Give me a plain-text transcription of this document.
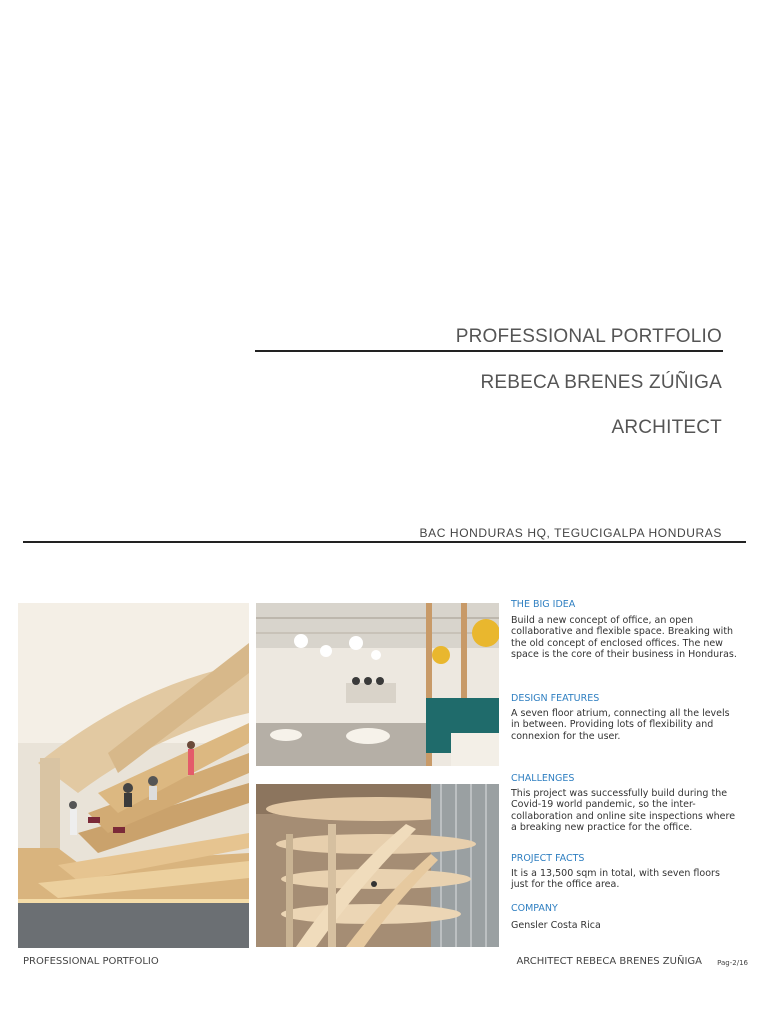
PROFESSIONAL PORTFOLIO
REBECA BRENES ZÚÑIGA
ARCHITECT
BAC HONDURAS HQ, TEGUCIGALPA HONDURAS
THE BIG IDEA
Build a new concept of office, an open collaborative and flexible space. Breaking with the old concept of enclosed offices. The new space is the core of their business in Honduras.
DESIGN FEATURES
A seven floor atrium, connecting all the levels in between. Providing lots of flexibility and connexion for the user.
CHALLENGES
This project was successfully build during the Covid-19 world pandemic, so the inter-collaboration and online site inspections where a breaking new practice for the office.
PROJECT FACTS
It is a 13,500 sqm in total, with seven floors just for the office area.
COMPANY
Gensler Costa Rica
PROFESSIONAL PORTFOLIO	ARCHITECT REBECA BRENES ZUÑIGA Pag-2/16
